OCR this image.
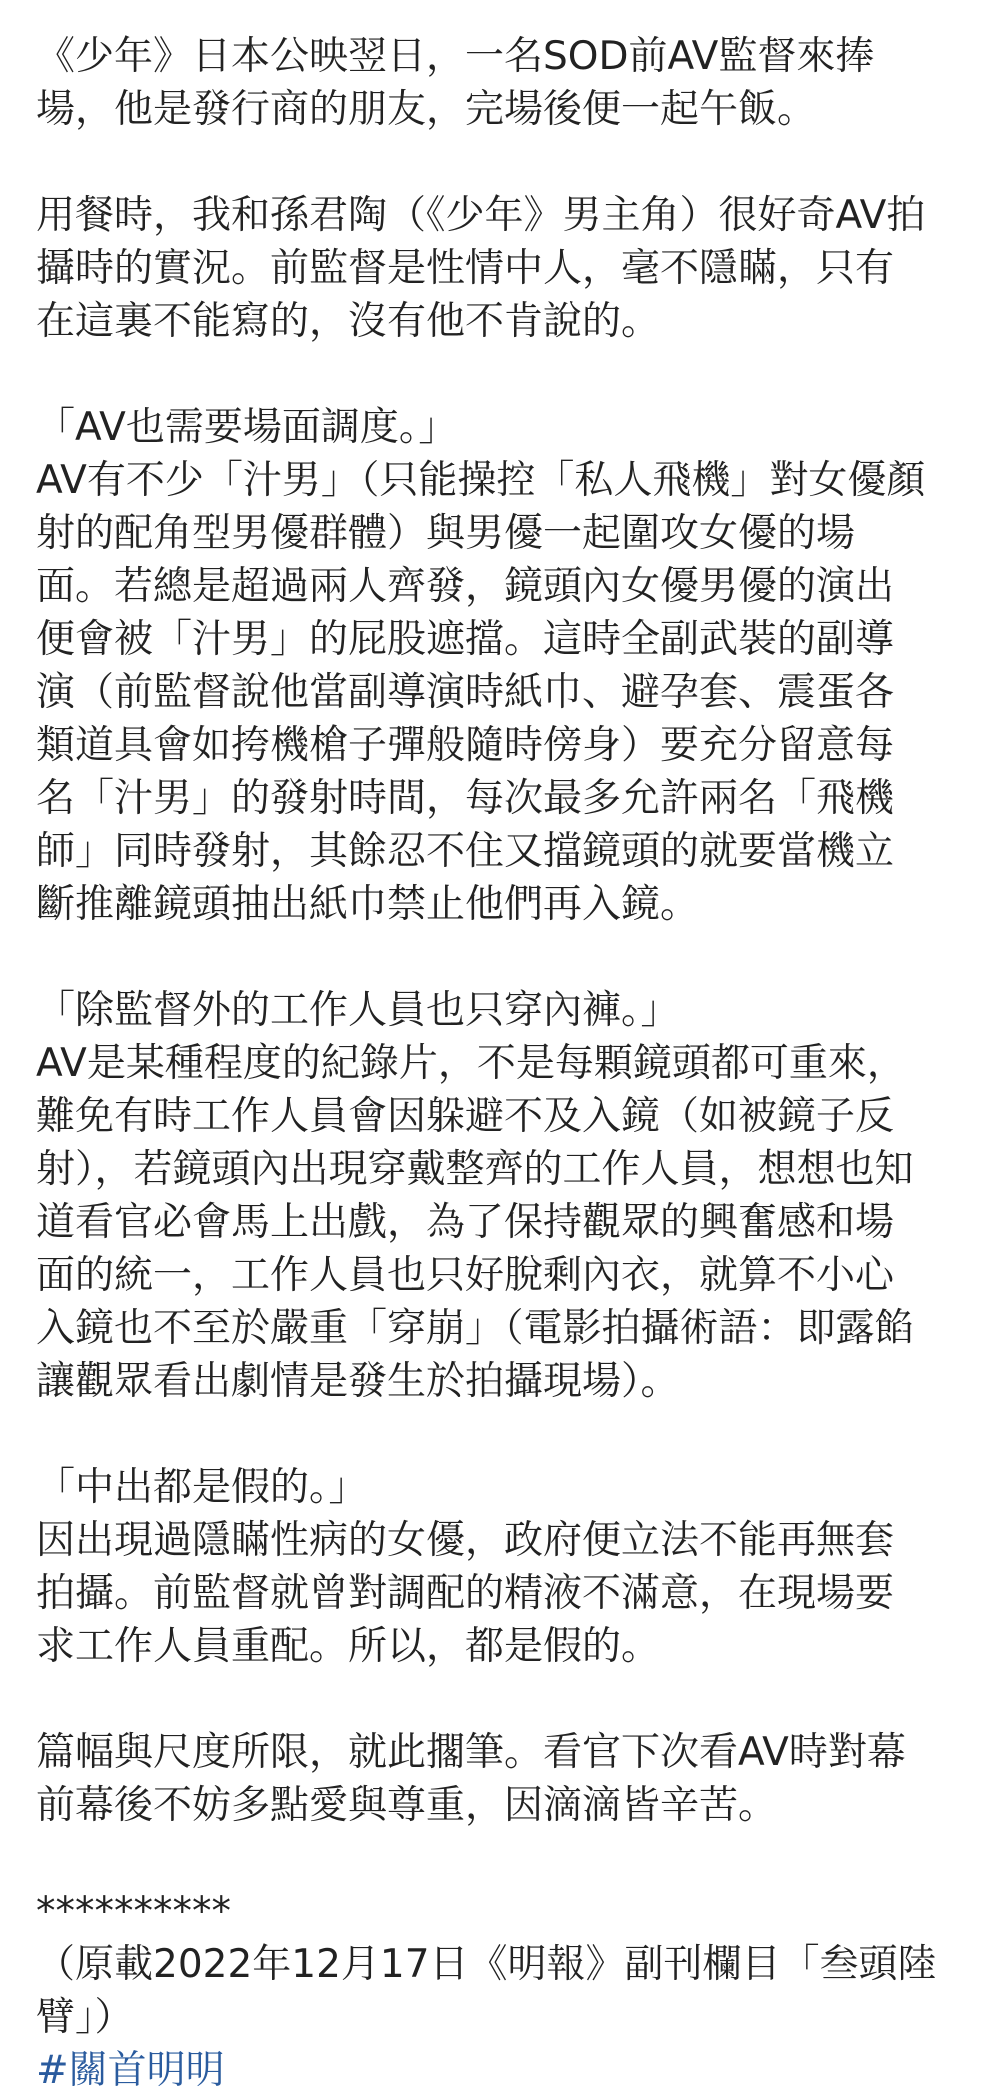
《少年》日本公映翌日，一名SOD前AV監督來捧
場，他是發行商的朋友，完場後便一起午飯。
用餐時，我和孫君陶（《少年》男主角）很好奇AV拍
攝時的實況。前監督是性情中人，毫不隱瞞，只有
在這裏不能寫的，沒有他不肯說的。
「AV也需要場面調度。」
AV有不少「汁男」（只能操控「私人飛機」對女優顏
射的配角型男優群體）與男優一起圍攻女優的場
面。若總是超過兩人齊發，鏡頭內女優男優的演出
便會被「汁男」的屁股遮擋。這時全副武裝的副導
演（前監督說他當副導演時紙巾、避孕套、震蛋各
類道具會如挎機槍子彈般隨時傍身）要充分留意每
名「汁男」的發射時間，每次最多允許兩名「飛機
師」同時發射，其餘忍不住又擋鏡頭的就要當機立
斷推離鏡頭抽出紙巾禁止他們再入鏡。
「除監督外的工作人員也只穿內褲。」
AV是某種程度的紀錄片，不是每顆鏡頭都可重來，
難免有時工作人員會因躲避不及入鏡（如被鏡子反
射），若鏡頭內出現穿戴整齊的工作人員，想想也知
道看官必會馬上出戲，為了保持觀眾的興奮感和場
面的統一，工作人員也只好脫剩內衣，就算不小心
入鏡也不至於嚴重「穿崩」（電影拍攝術語：即露餡
讓觀眾看出劇情是發生於拍攝現場）。
「中出都是假的。」
因出現過隱瞞性病的女優，政府便立法不能再無套
拍攝。前監督就曾對調配的精液不滿意，在現場要
求工作人員重配。所以，都是假的。
篇幅與尺度所限，就此擱筆。看官下次看AV時對幕
前幕後不妨多點愛與尊重，因滴滴皆辛苦。
**********
（原載2022年12月17日《明報》副刊欄目「叁頭陸
臂」）
#關首明明
